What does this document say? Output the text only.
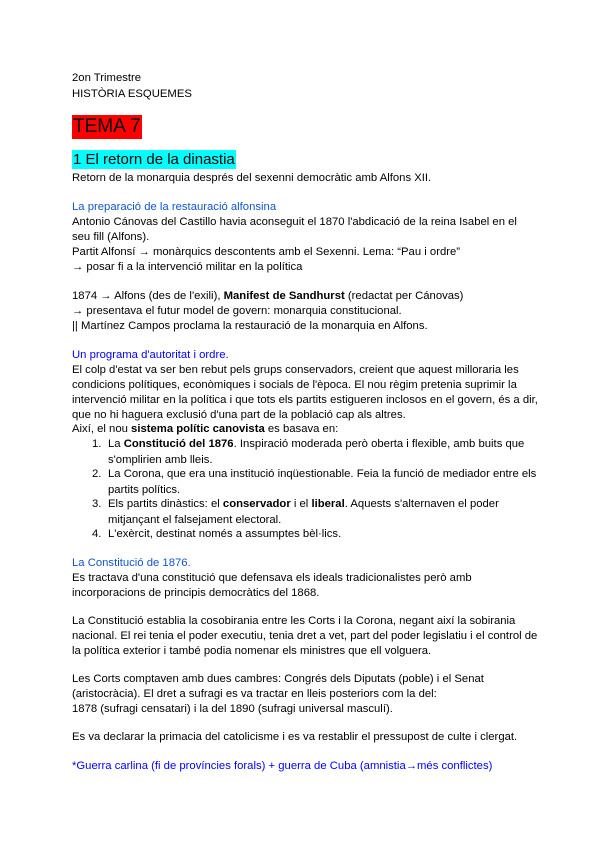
2on Trimestre
HISTÒRIA ESQUEMES
TEMA 7
1 El retorn de la dinastia
Retorn de la monarquia després del sexenni democràtic amb Alfons XII.
La preparació de la restauració alfonsina
Antonio Cánovas del Castillo havia aconseguit el 1870 l'abdicació de la reina Isabel en el
seu fill (Alfons).
Partit Alfonsí → monàrquics descontents amb el Sexenni. Lema: “Pau i ordre”
→ posar fi a la intervenció militar en la política
1874 → Alfons (des de l'exili), Manifest de Sandhurst (redactat per Cánovas)
→ presentava el futur model de govern: monarquia constitucional.
|| Martínez Campos proclama la restauració de la monarquia en Alfons.
Un programa d'autoritat i ordre.
El colp d'estat va ser ben rebut pels grups conservadors, creient que aquest milloraria les
condicions polítiques, econòmiques i socials de l'època. El nou règim pretenia suprimir la
intervenció militar en la política i que tots els partits estigueren inclosos en el govern, és a dir,
que no hi haguera exclusió d'una part de la població cap als altres.
Així, el nou sistema polític canovista es basava en:
1. La Constitució del 1876. Inspiració moderada però oberta i flexible, amb buits que s'omplirien amb lleis.
2. La Corona, que era una institució inqüestionable. Feia la funció de mediador entre els partits polítics.
3. Els partits dinàstics: el conservador i el liberal. Aquests s'alternaven el poder mitjançant el falsejament electoral.
4. L'exèrcit, destinat només a assumptes bèl·lics.
La Constitució de 1876.
Es tractava d'una constitució que defensava els ideals tradicionalistes però amb
incorporacions de principis democràtics del 1868.
La Constitució establia la cosobirania entre les Corts i la Corona, negant així la sobirania
nacional. El rei tenia el poder executiu, tenia dret a vet, part del poder legislatiu i el control de
la política exterior i també podia nomenar els ministres que ell volguera.
Les Corts comptaven amb dues cambres: Congrés dels Diputats (poble) i el Senat
(aristocràcia). El dret a sufragi es va tractar en lleis posteriors com la del:
1878 (sufragi censatari) i la del 1890 (sufragi universal masculí).
Es va declarar la primacia del catolicisme i es va restablir el pressupost de culte i clergat.
*Guerra carlina (fi de províncies forals) + guerra de Cuba (amnistia→més conflictes)
